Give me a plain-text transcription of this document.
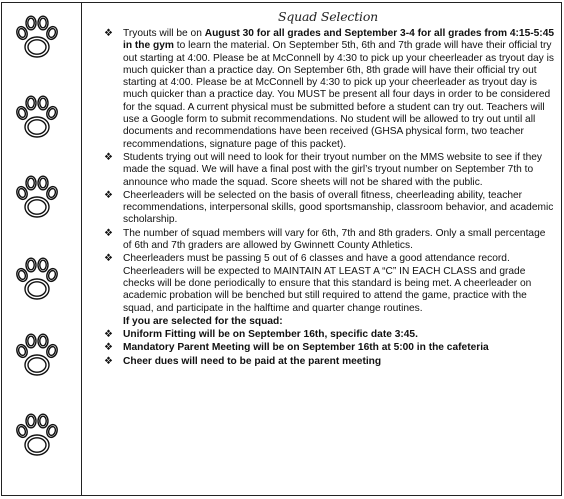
Squad Selection
❖ Tryouts will be on August 30 for all grades and September 3-4 for all grades from 4:15-5:45 in the gym to learn the material. On September 5th, 6th and 7th grade will have their official try out starting at 4:00. Please be at McConnell by 4:30 to pick up your cheerleader as tryout day is much quicker than a practice day. On September 6th, 8th grade will have their official try out starting at 4:00. Please be at McConnell by 4:30 to pick up your cheerleader as tryout day is much quicker than a practice day. You MUST be present all four days in order to be considered for the squad. A current physical must be submitted before a student can try out. Teachers will use a Google form to submit recommendations. No student will be allowed to try out until all documents and recommendations have been received (GHSA physical form, two teacher recommendations, signature page of this packet).
❖ Students trying out will need to look for their tryout number on the MMS website to see if they made the squad. We will have a final post with the girl’s tryout number on September 7th to announce who made the squad. Score sheets will not be shared with the public.
❖ Cheerleaders will be selected on the basis of overall fitness, cheerleading ability, teacher recommendations, interpersonal skills, good sportsmanship, classroom behavior, and academic scholarship.
❖ The number of squad members will vary for 6th, 7th and 8th graders. Only a small percentage of 6th and 7th graders are allowed by Gwinnett County Athletics.
❖ Cheerleaders must be passing 5 out of 6 classes and have a good attendance record. Cheerleaders will be expected to MAINTAIN AT LEAST A “C” IN EACH CLASS and grade checks will be done periodically to ensure that this standard is being met. A cheerleader on academic probation will be benched but still required to attend the game, practice with the squad, and participate in the halftime and quarter change routines.
If you are selected for the squad:
❖ Uniform Fitting will be on September 16th, specific date 3:45.
❖ Mandatory Parent Meeting will be on September 16th at 5:00 in the cafeteria
❖ Cheer dues will need to be paid at the parent meeting
